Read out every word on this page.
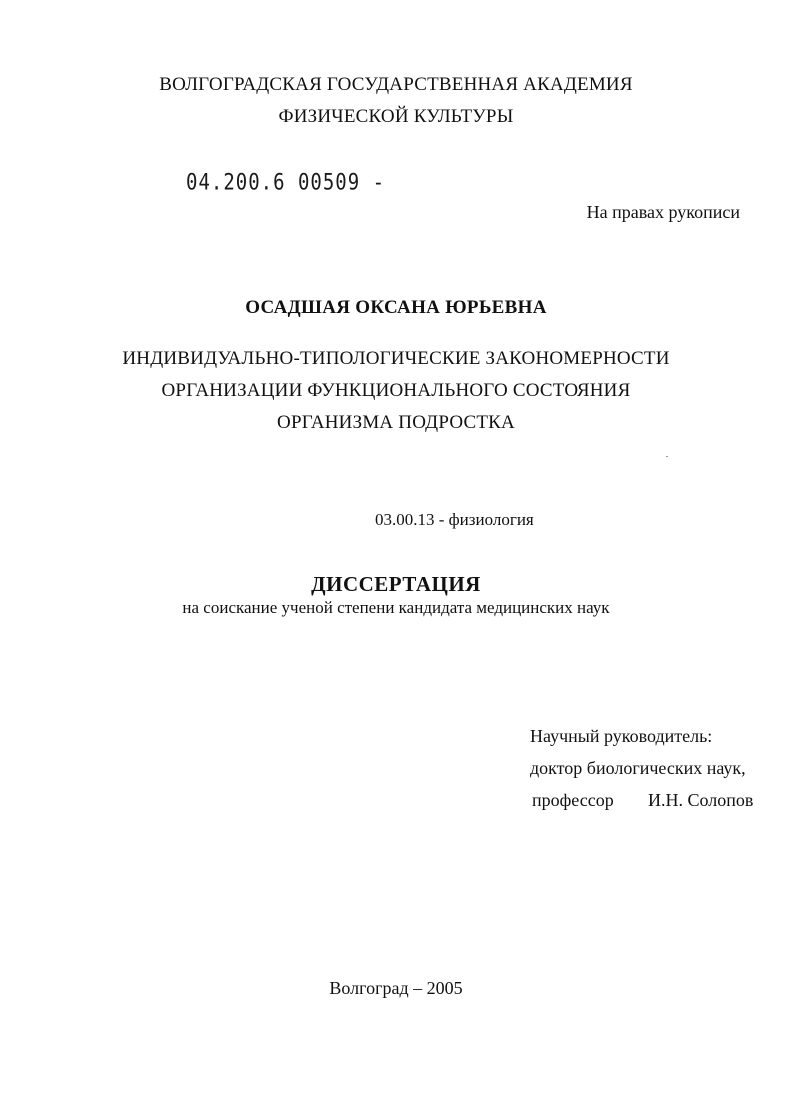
ВОЛГОГРАДСКАЯ ГОСУДАРСТВЕННАЯ АКАДЕМИЯ
ФИЗИЧЕСКОЙ КУЛЬТУРЫ
04.200.6 00509 -
На правах рукописи
ОСАДШАЯ ОКСАНА ЮРЬЕВНА
ИНДИВИДУАЛЬНО-ТИПОЛОГИЧЕСКИЕ ЗАКОНОМЕРНОСТИ
ОРГАНИЗАЦИИ ФУНКЦИОНАЛЬНОГО СОСТОЯНИЯ
ОРГАНИЗМА ПОДРОСТКА
03.00.13 - физиология
ДИССЕРТАЦИЯ
на соискание ученой степени кандидата медицинских наук
Научный руководитель:
доктор биологических наук,
профессор И.Н. Солопов
Волгоград – 2005
